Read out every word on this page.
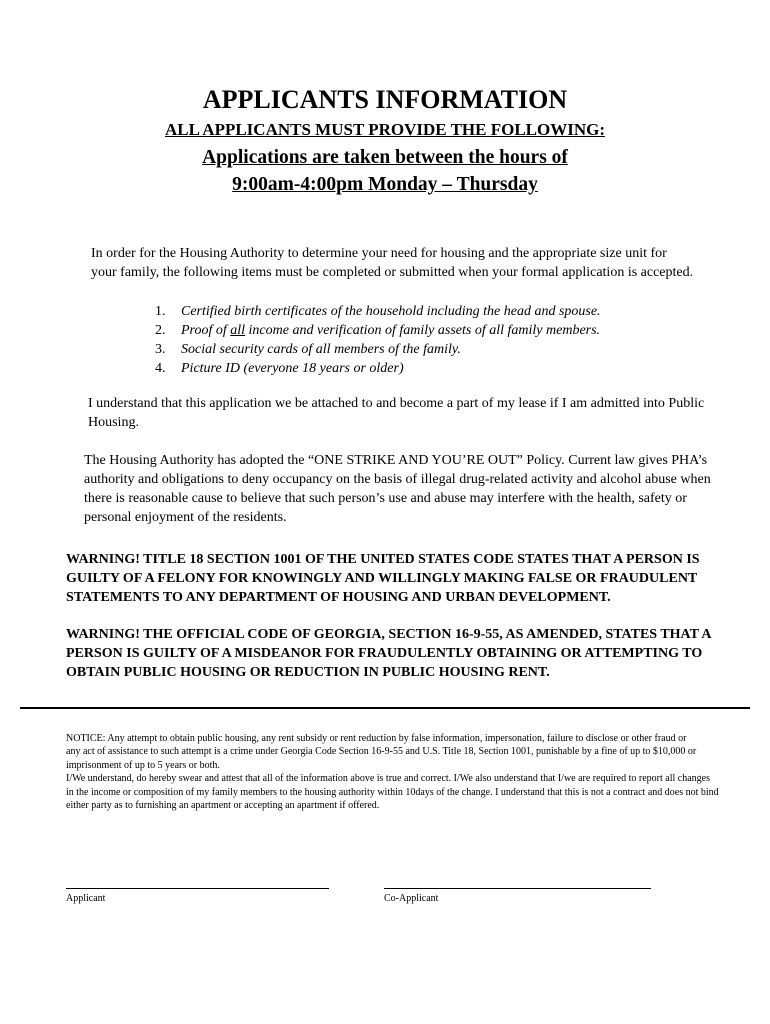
APPLICANTS INFORMATION
ALL APPLICANTS MUST PROVIDE THE FOLLOWING:
Applications are taken between the hours of
9:00am-4:00pm Monday – Thursday
In order for the Housing Authority to determine your need for housing and the appropriate size unit for
your family, the following items must be completed or submitted when your formal application is accepted.
1. Certified birth certificates of the household including the head and spouse.
2. Proof of all income and verification of family assets of all family members.
3. Social security cards of all members of the family.
4. Picture ID (everyone 18 years or older)
I understand that this application we be attached to and become a part of my lease if I am admitted into Public Housing.
The Housing Authority has adopted the “ONE STRIKE AND YOU’RE OUT” Policy. Current law gives PHA’s authority and obligations to deny occupancy on the basis of illegal drug-related activity and alcohol abuse when there is reasonable cause to believe that such person’s use and abuse may interfere with the health, safety or personal enjoyment of the residents.
WARNING! TITLE 18 SECTION 1001 OF THE UNITED STATES CODE STATES THAT A PERSON IS GUILTY OF A FELONY FOR KNOWINGLY AND WILLINGLY MAKING FALSE OR FRAUDULENT STATEMENTS TO ANY DEPARTMENT OF HOUSING AND URBAN DEVELOPMENT.
WARNING! THE OFFICIAL CODE OF GEORGIA, SECTION 16-9-55, AS AMENDED, STATES THAT A PERSON IS GUILTY OF A MISDEANOR FOR FRAUDULENTLY OBTAINING OR ATTEMPTING TO OBTAIN PUBLIC HOUSING OR REDUCTION IN PUBLIC HOUSING RENT.
NOTICE: Any attempt to obtain public housing, any rent subsidy or rent reduction by false information, impersonation, failure to disclose or other fraud or
any act of assistance to such attempt is a crime under Georgia Code Section 16-9-55 and U.S. Title 18, Section 1001, punishable by a fine of up to $10,000 or
imprisonment of up to 5 years or both.
I/We understand, do hereby swear and attest that all of the information above is true and correct. I/We also understand that I/we are required to report all changes
in the income or composition of my family members to the housing authority within 10days of the change. I understand that this is not a contract and does not bind
either party as to furnishing an apartment or accepting an apartment if offered.
Applicant	Co-Applicant
